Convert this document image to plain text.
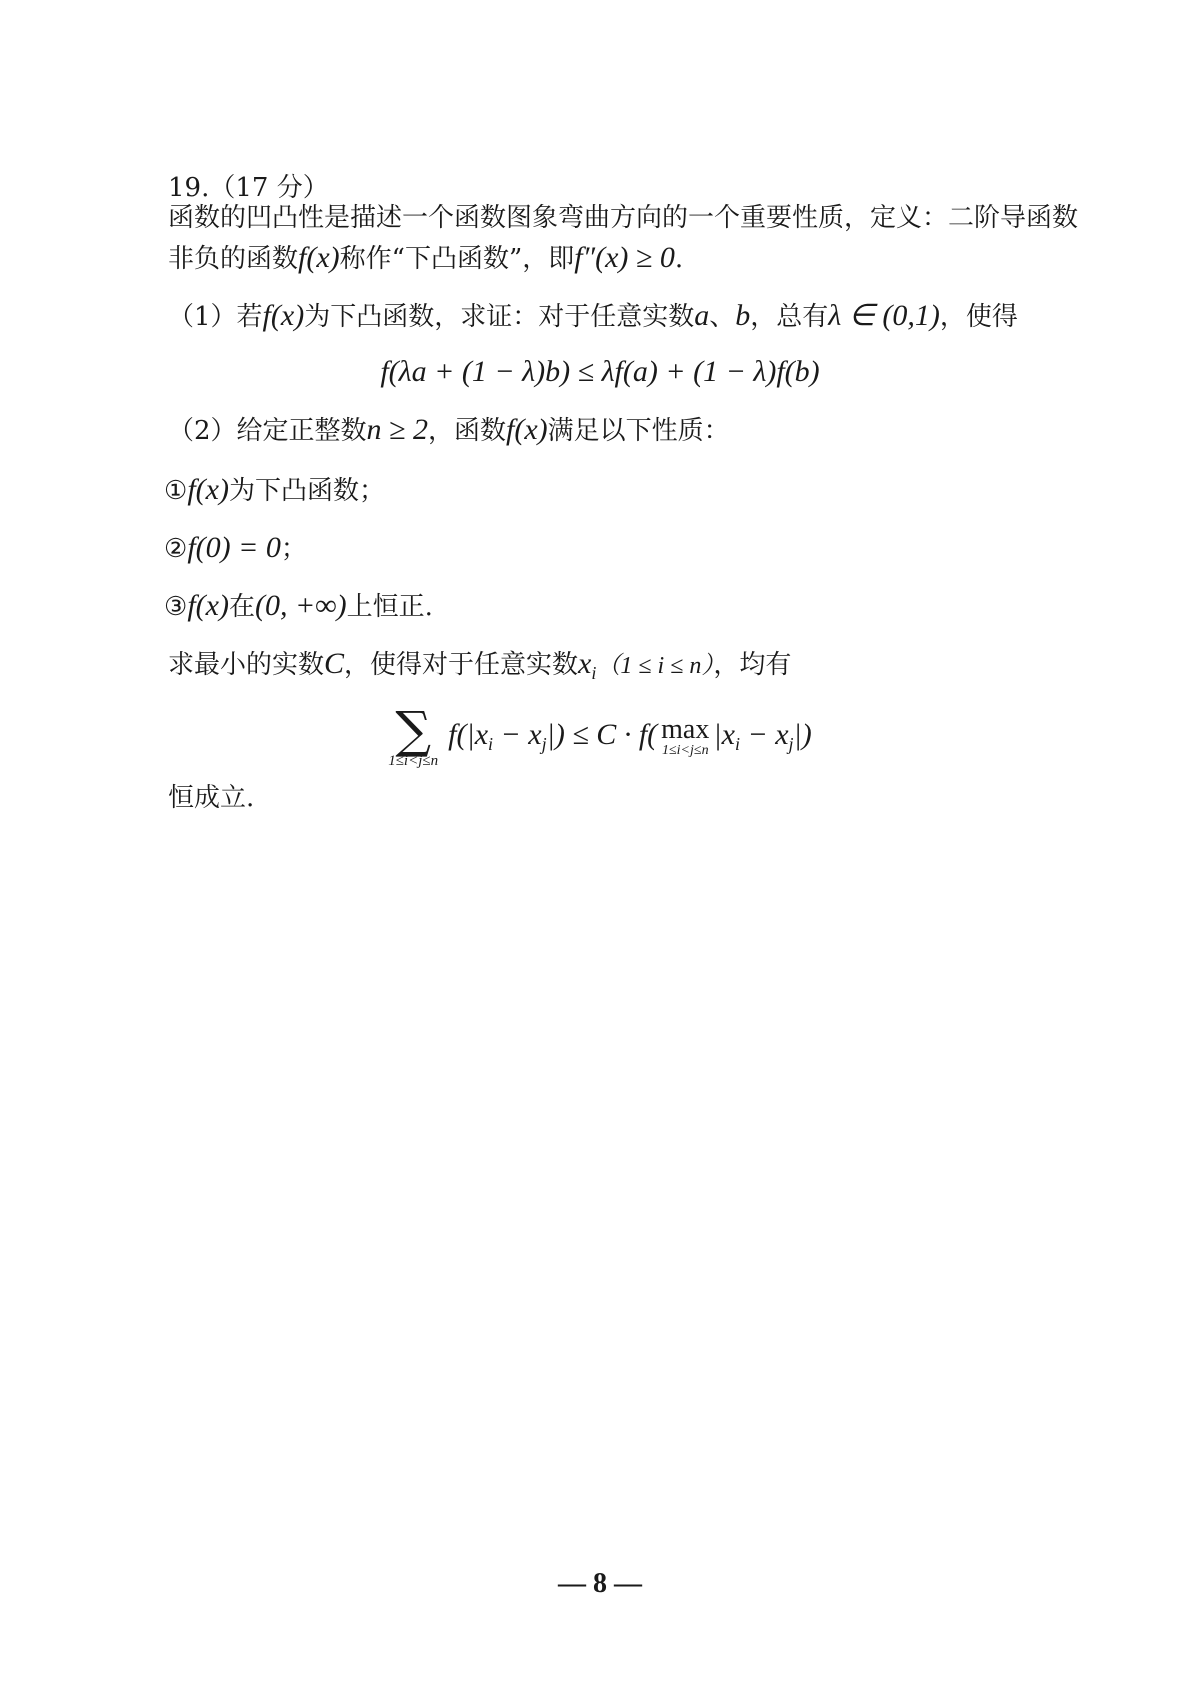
19.（17 分）
函数的凹凸性是描述一个函数图象弯曲方向的一个重要性质，定义：二阶导函数
非负的函数f(x)称作“下凸函数”，即f″(x) ≥ 0.
（1）若f(x)为下凸函数，求证：对于任意实数a、b，总有λ ∈ (0,1)，使得
f(λa + (1 − λ)b) ≤ λf(a) + (1 − λ)f(b)
（2）给定正整数n ≥ 2，函数f(x)满足以下性质：
①f(x)为下凸函数；
②f(0) = 0；
③f(x)在(0, +∞)上恒正.
求最小的实数C，使得对于任意实数$x_i(1 \le i \le n)$，均有
∑
1≤i<j≤n
$f(|x_i - x_j|) \le C \cdot f$( max
1≤i<j≤n $|x_i - x_j|$)
恒成立.
— 8 —
